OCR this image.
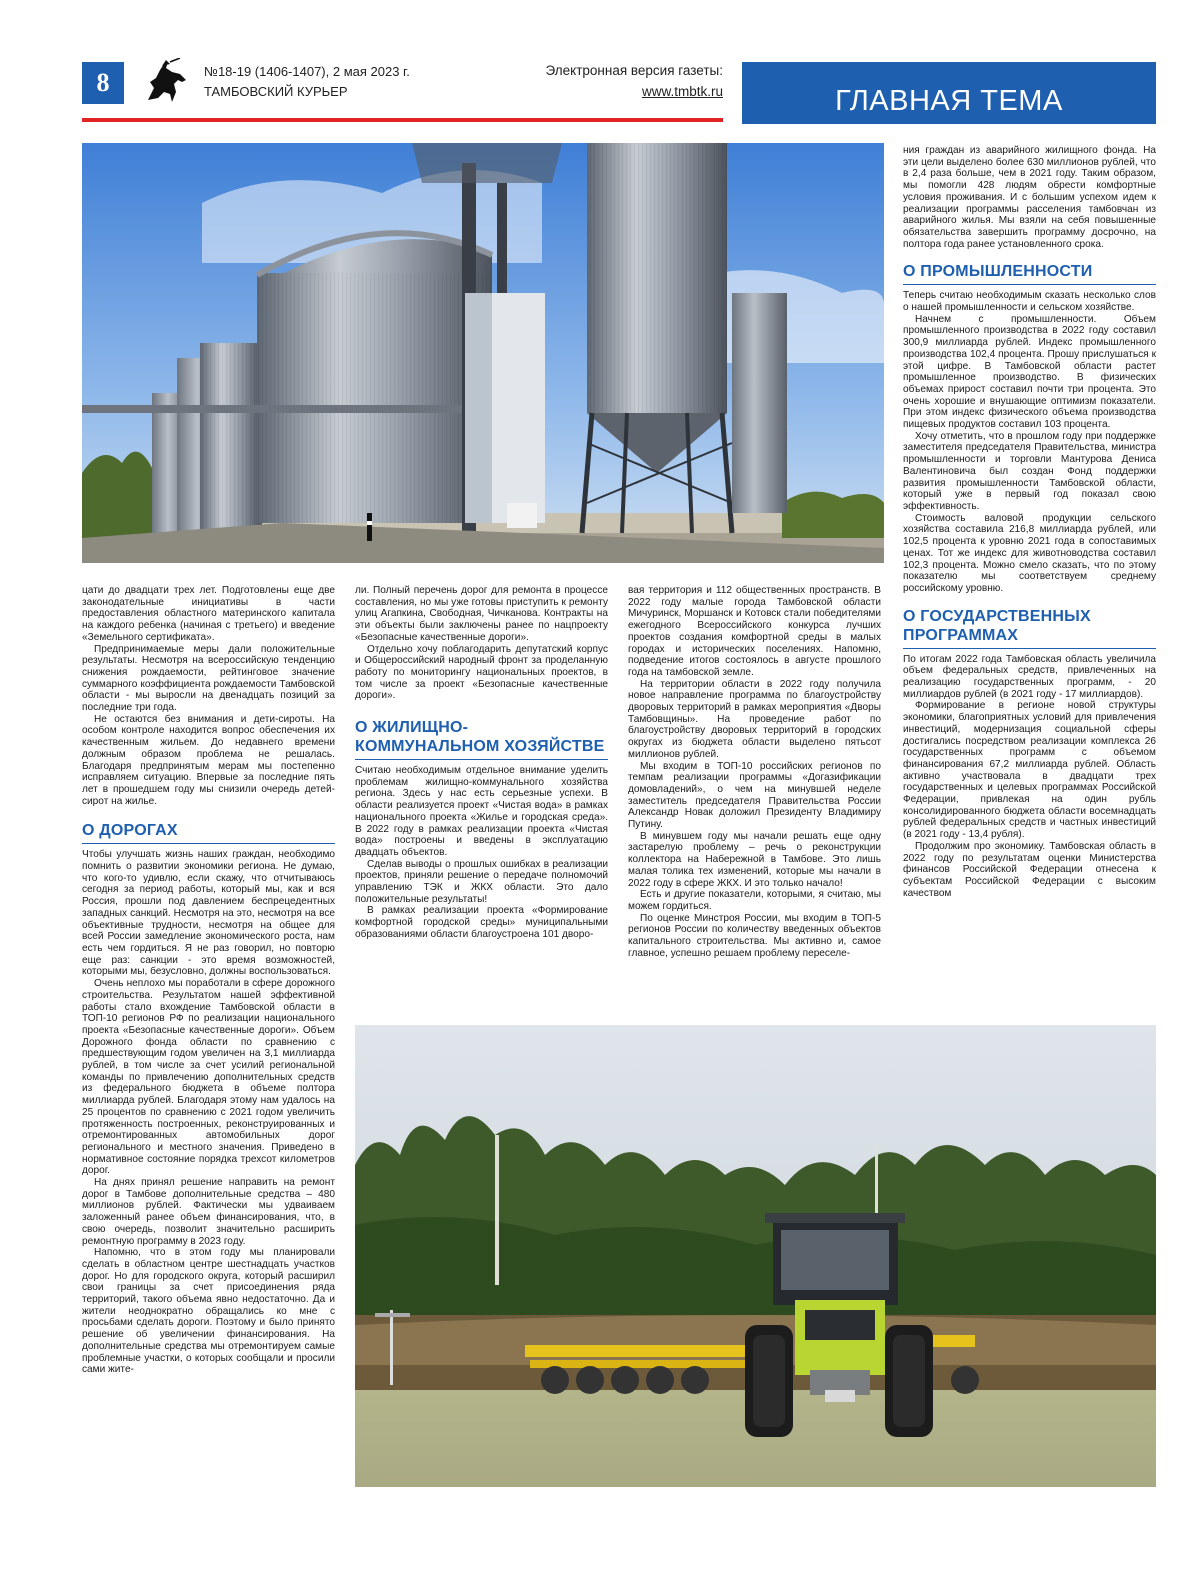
8	№18-19 (1406-1407), 2 мая 2023 г.
ТАМБОВСКИЙ КУРЬЕР
Электронная версия газеты:
www.tmbtk.ru	ГЛАВНАЯ ТЕМА

ния граждан из аварийного жилищного фонда. На эти цели выделено более 630 миллионов рублей, что в 2,4 раза больше, чем в 2021 году. Таким образом, мы помогли 428 людям обрести комфортные условия проживания. И с большим успехом идем к реализации программы расселения тамбовчан из аварийного жилья. Мы взяли на себя повышенные обязательства завершить программу досрочно, на полтора года ранее установленного срока.

О ПРОМЫШЛЕННОСТИ

Теперь считаю необходимым сказать несколько слов о нашей промышленности и сельском хозяйстве.

Начнем с промышленности. Объем промышленного производства в 2022 году составил 300,9 миллиарда рублей. Индекс промышленного производства 102,4 процента. Прошу прислушаться к этой цифре. В Тамбовской области растет промышленное производство. В физических объемах прирост составил почти три процента. Это очень хорошие и внушающие оптимизм показатели. При этом индекс физического объема производства пищевых продуктов составил 103 процента.

Хочу отметить, что в прошлом году при поддержке заместителя председателя Правительства, министра промышленности и торговли Мантурова Дениса Валентиновича был создан Фонд поддержки развития промышленности Тамбовской области, который уже в первый год показал свою эффективность.

Стоимость валовой продукции сельского хозяйства составила 216,8 миллиарда рублей, или 102,5 процента к уровню 2021 года в сопоставимых ценах. Тот же индекс для животноводства составил 102,3 процента. Можно смело сказать, что по этому показателю мы соответствуем среднему российскому уровню.

О ГОСУДАРСТВЕННЫХ ПРОГРАММАХ

По итогам 2022 года Тамбовская область увеличила объем федеральных средств, привлеченных на реализацию государственных программ, - 20 миллиардов рублей (в 2021 году - 17 миллиардов).

Формирование в регионе новой структуры экономики, благоприятных условий для привлечения инвестиций, модернизация социальной сферы достигались посредством реализации комплекса 26 государственных программ с объемом финансирования 67,2 миллиарда рублей. Область активно участвовала в двадцати трех государственных и целевых программах Российской Федерации, привлекая на один рубль консолидированного бюджета области восемнадцать рублей федеральных средств и частных инвестиций (в 2021 году - 13,4 рубля).

Продолжим про экономику. Тамбовская область в 2022 году по результатам оценки Министерства финансов Российской Федерации отнесена к субъектам Российской Федерации с высоким качеством

цати до двадцати трех лет. Подготовлены еще две законодательные инициативы в части предоставления областного материнского капитала на каждого ребенка (начиная с третьего) и введение «Земельного сертификата».

Предпринимаемые меры дали положительные результаты. Несмотря на всероссийскую тенденцию снижения рождаемости, рейтинговое значение суммарного коэффициента рождаемости Тамбовской области - мы выросли на двенадцать позиций за последние три года.

Не остаются без внимания и дети-сироты. На особом контроле находится вопрос обеспечения их качественным жильем. До недавнего времени должным образом проблема не решалась. Благодаря предпринятым мерам мы постепенно исправляем ситуацию. Впервые за последние пять лет в прошедшем году мы снизили очередь детей-сирот на жилье.

О ДОРОГАХ

Чтобы улучшать жизнь наших граждан, необходимо помнить о развитии экономики региона. Не думаю, что кого-то удивлю, если скажу, что отчитываюсь сегодня за период работы, который мы, как и вся Россия, прошли под давлением беспрецедентных западных санкций. Несмотря на это, несмотря на все объективные трудности, несмотря на общее для всей России замедление экономического роста, нам есть чем гордиться. Я не раз говорил, но повторю еще раз: санкции - это время возможностей, которыми мы, безусловно, должны воспользоваться.

Очень неплохо мы поработали в сфере дорожного строительства. Результатом нашей эффективной работы стало вхождение Тамбовской области в ТОП-10 регионов РФ по реализации национального проекта «Безопасные качественные дороги». Объем Дорожного фонда области по сравнению с предшествующим годом увеличен на 3,1 миллиарда рублей, в том числе за счет усилий региональной команды по привлечению дополнительных средств из федерального бюджета в объеме полтора миллиарда рублей. Благодаря этому нам удалось на 25 процентов по сравнению с 2021 годом увеличить протяженность построенных, реконструированных и отремонтированных автомобильных дорог регионального и местного значения. Приведено в нормативное состояние порядка трехсот километров дорог.

На днях принял решение направить на ремонт дорог в Тамбове дополнительные средства – 480 миллионов рублей. Фактически мы удваиваем заложенный ранее объем финансирования, что, в свою очередь, позволит значительно расширить ремонтную программу в 2023 году.

Напомню, что в этом году мы планировали сделать в областном центре шестнадцать участков дорог. Но для городского округа, который расширил свои границы за счет присоединения ряда территорий, такого объема явно недостаточно. Да и жители неоднократно обращались ко мне с просьбами сделать дороги. Поэтому и было принято решение об увеличении финансирования. На дополнительные средства мы отремонтируем самые проблемные участки, о которых сообщали и просили сами жите-

ли. Полный перечень дорог для ремонта в процессе составления, но мы уже готовы приступить к ремонту улиц Агапкина, Свободная, Чичканова. Контракты на эти объекты были заключены ранее по нацпроекту «Безопасные качественные дороги».

Отдельно хочу поблагодарить депутатский корпус и Общероссийский народный фронт за проделанную работу по мониторингу национальных проектов, в том числе за проект «Безопасные качественные дороги».

О ЖИЛИЩНО-КОММУНАЛЬНОМ ХОЗЯЙСТВЕ

Считаю необходимым отдельное внимание уделить проблемам жилищно-коммунального хозяйства региона. Здесь у нас есть серьезные успехи. В области реализуется проект «Чистая вода» в рамках национального проекта «Жилье и городская среда». В 2022 году в рамках реализации проекта «Чистая вода» построены и введены в эксплуатацию двадцать объектов.

Сделав выводы о прошлых ошибках в реализации проектов, приняли решение о передаче полномочий управлению ТЭК и ЖКХ области. Это дало положительные результаты!

В рамках реализации проекта «Формирование комфортной городской среды» муниципальными образованиями области благоустроена 101 дворо-

вая территория и 112 общественных пространств. В 2022 году малые города Тамбовской области Мичуринск, Моршанск и Котовск стали победителями ежегодного Всероссийского конкурса лучших проектов создания комфортной среды в малых городах и исторических поселениях. Напомню, подведение итогов состоялось в августе прошлого года на тамбовской земле.

На территории области в 2022 году получила новое направление программа по благоустройству дворовых территорий в рамках мероприятия «Дворы Тамбовщины». На проведение работ по благоустройству дворовых территорий в городских округах из бюджета области выделено пятьсот миллионов рублей.

Мы входим в ТОП-10 российских регионов по темпам реализации программы «Догазификации домовладений», о чем на минувшей неделе заместитель председателя Правительства России Александр Новак доложил Президенту Владимиру Путину.

В минувшем году мы начали решать еще одну застарелую проблему – речь о реконструкции коллектора на Набережной в Тамбове. Это лишь малая толика тех изменений, которые мы начали в 2022 году в сфере ЖКХ. И это только начало!

Есть и другие показатели, которыми, я считаю, мы можем гордиться.

По оценке Минстроя России, мы входим в ТОП-5 регионов России по количеству введенных объектов капитального строительства. Мы активно и, самое главное, успешно решаем проблему переселе-
